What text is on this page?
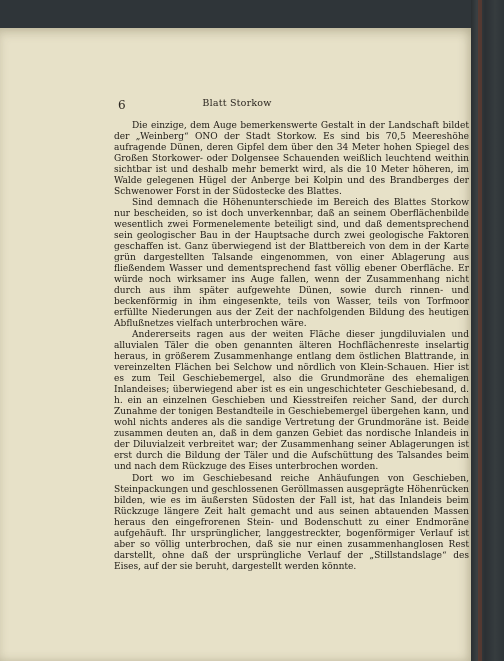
6	Blatt Storkow

Die einzige, dem Auge bemerkenswerte Gestalt in der Landschaft bildet der „Weinberg“ ONO der Stadt Storkow. Es sind bis 70,5 Meereshöhe aufragende Dünen, deren Gipfel dem über den 34 Meter hohen Spiegel des Großen Storkower- oder Dolgensee Schauenden weißlich leuchtend weithin sichtbar ist und deshalb mehr bemerkt wird, als die 10 Meter höheren, im Walde gelegenen Hügel der Anberge bei Kolpin und des Brandberges der Schwenower Forst in der Südostecke des Blattes.

Sind demnach die Höhenunterschiede im Bereich des Blattes Storkow nur bescheiden, so ist doch unverkennbar, daß an seinem Oberflächenbilde wesentlich zwei Formenelemente beteiligt sind, und daß dementsprechend sein geologischer Bau in der Hauptsache durch zwei geologische Faktoren geschaffen ist. Ganz überwiegend ist der Blattbereich von dem in der Karte grün dargestellten Talsande eingenommen, von einer Ablagerung aus fließendem Wasser und dementsprechend fast völlig ebener Oberfläche. Er würde noch wirksamer ins Auge fallen, wenn der Zusammenhang nicht durch aus ihm später aufgewehte Dünen, sowie durch rinnen- und beckenförmig in ihm eingesenkte, teils von Wasser, teils von Torfmoor erfüllte Niederungen aus der Zeit der nachfolgenden Bildung des heutigen Abflußnetzes vielfach unterbrochen wäre.

Andererseits ragen aus der weiten Fläche dieser jungdiluvialen und alluvialen Täler die oben genannten älteren Hochflächenreste inselartig heraus, in größerem Zusammenhange entlang dem östlichen Blattrande, in vereinzelten Flächen bei Selchow und nördlich von Klein-Schauen. Hier ist es zum Teil Geschiebemergel, also die Grundmoräne des ehemaligen Inlandeises; überwiegend aber ist es ein ungeschichteter Geschiebesand, d. h. ein an einzelnen Geschieben und Kiesstreifen reicher Sand, der durch Zunahme der tonigen Bestandteile in Geschiebemergel übergehen kann, und wohl nichts anderes als die sandige Vertretung der Grundmoräne ist. Beide zusammen deuten an, daß in dem ganzen Gebiet das nordische Inlandeis in der Diluvialzeit verbreitet war; der Zusammenhang seiner Ablagerungen ist erst durch die Bildung der Täler und die Aufschüttung des Talsandes beim und nach dem Rückzuge des Eises unterbrochen worden.

Dort wo im Geschiebesand reiche Anhäufungen von Geschieben, Steinpackungen und geschlossenen Geröllmassen ausgeprägte Höhenrücken bilden, wie es im äußersten Südosten der Fall ist, hat das Inlandeis beim Rückzuge längere Zeit halt gemacht und aus seinen abtauenden Massen heraus den eingefrorenen Stein- und Bodenschutt zu einer Endmoräne aufgehäuft. Ihr ursprünglicher, langgestreckter, bogenförmiger Verlauf ist aber so völlig unterbrochen, daß sie nur einen zusammenhanglosen Rest darstellt, ohne daß der ursprüngliche Verlauf der „Stillstandslage“ des Eises, auf der sie beruht, dargestellt werden könnte.
